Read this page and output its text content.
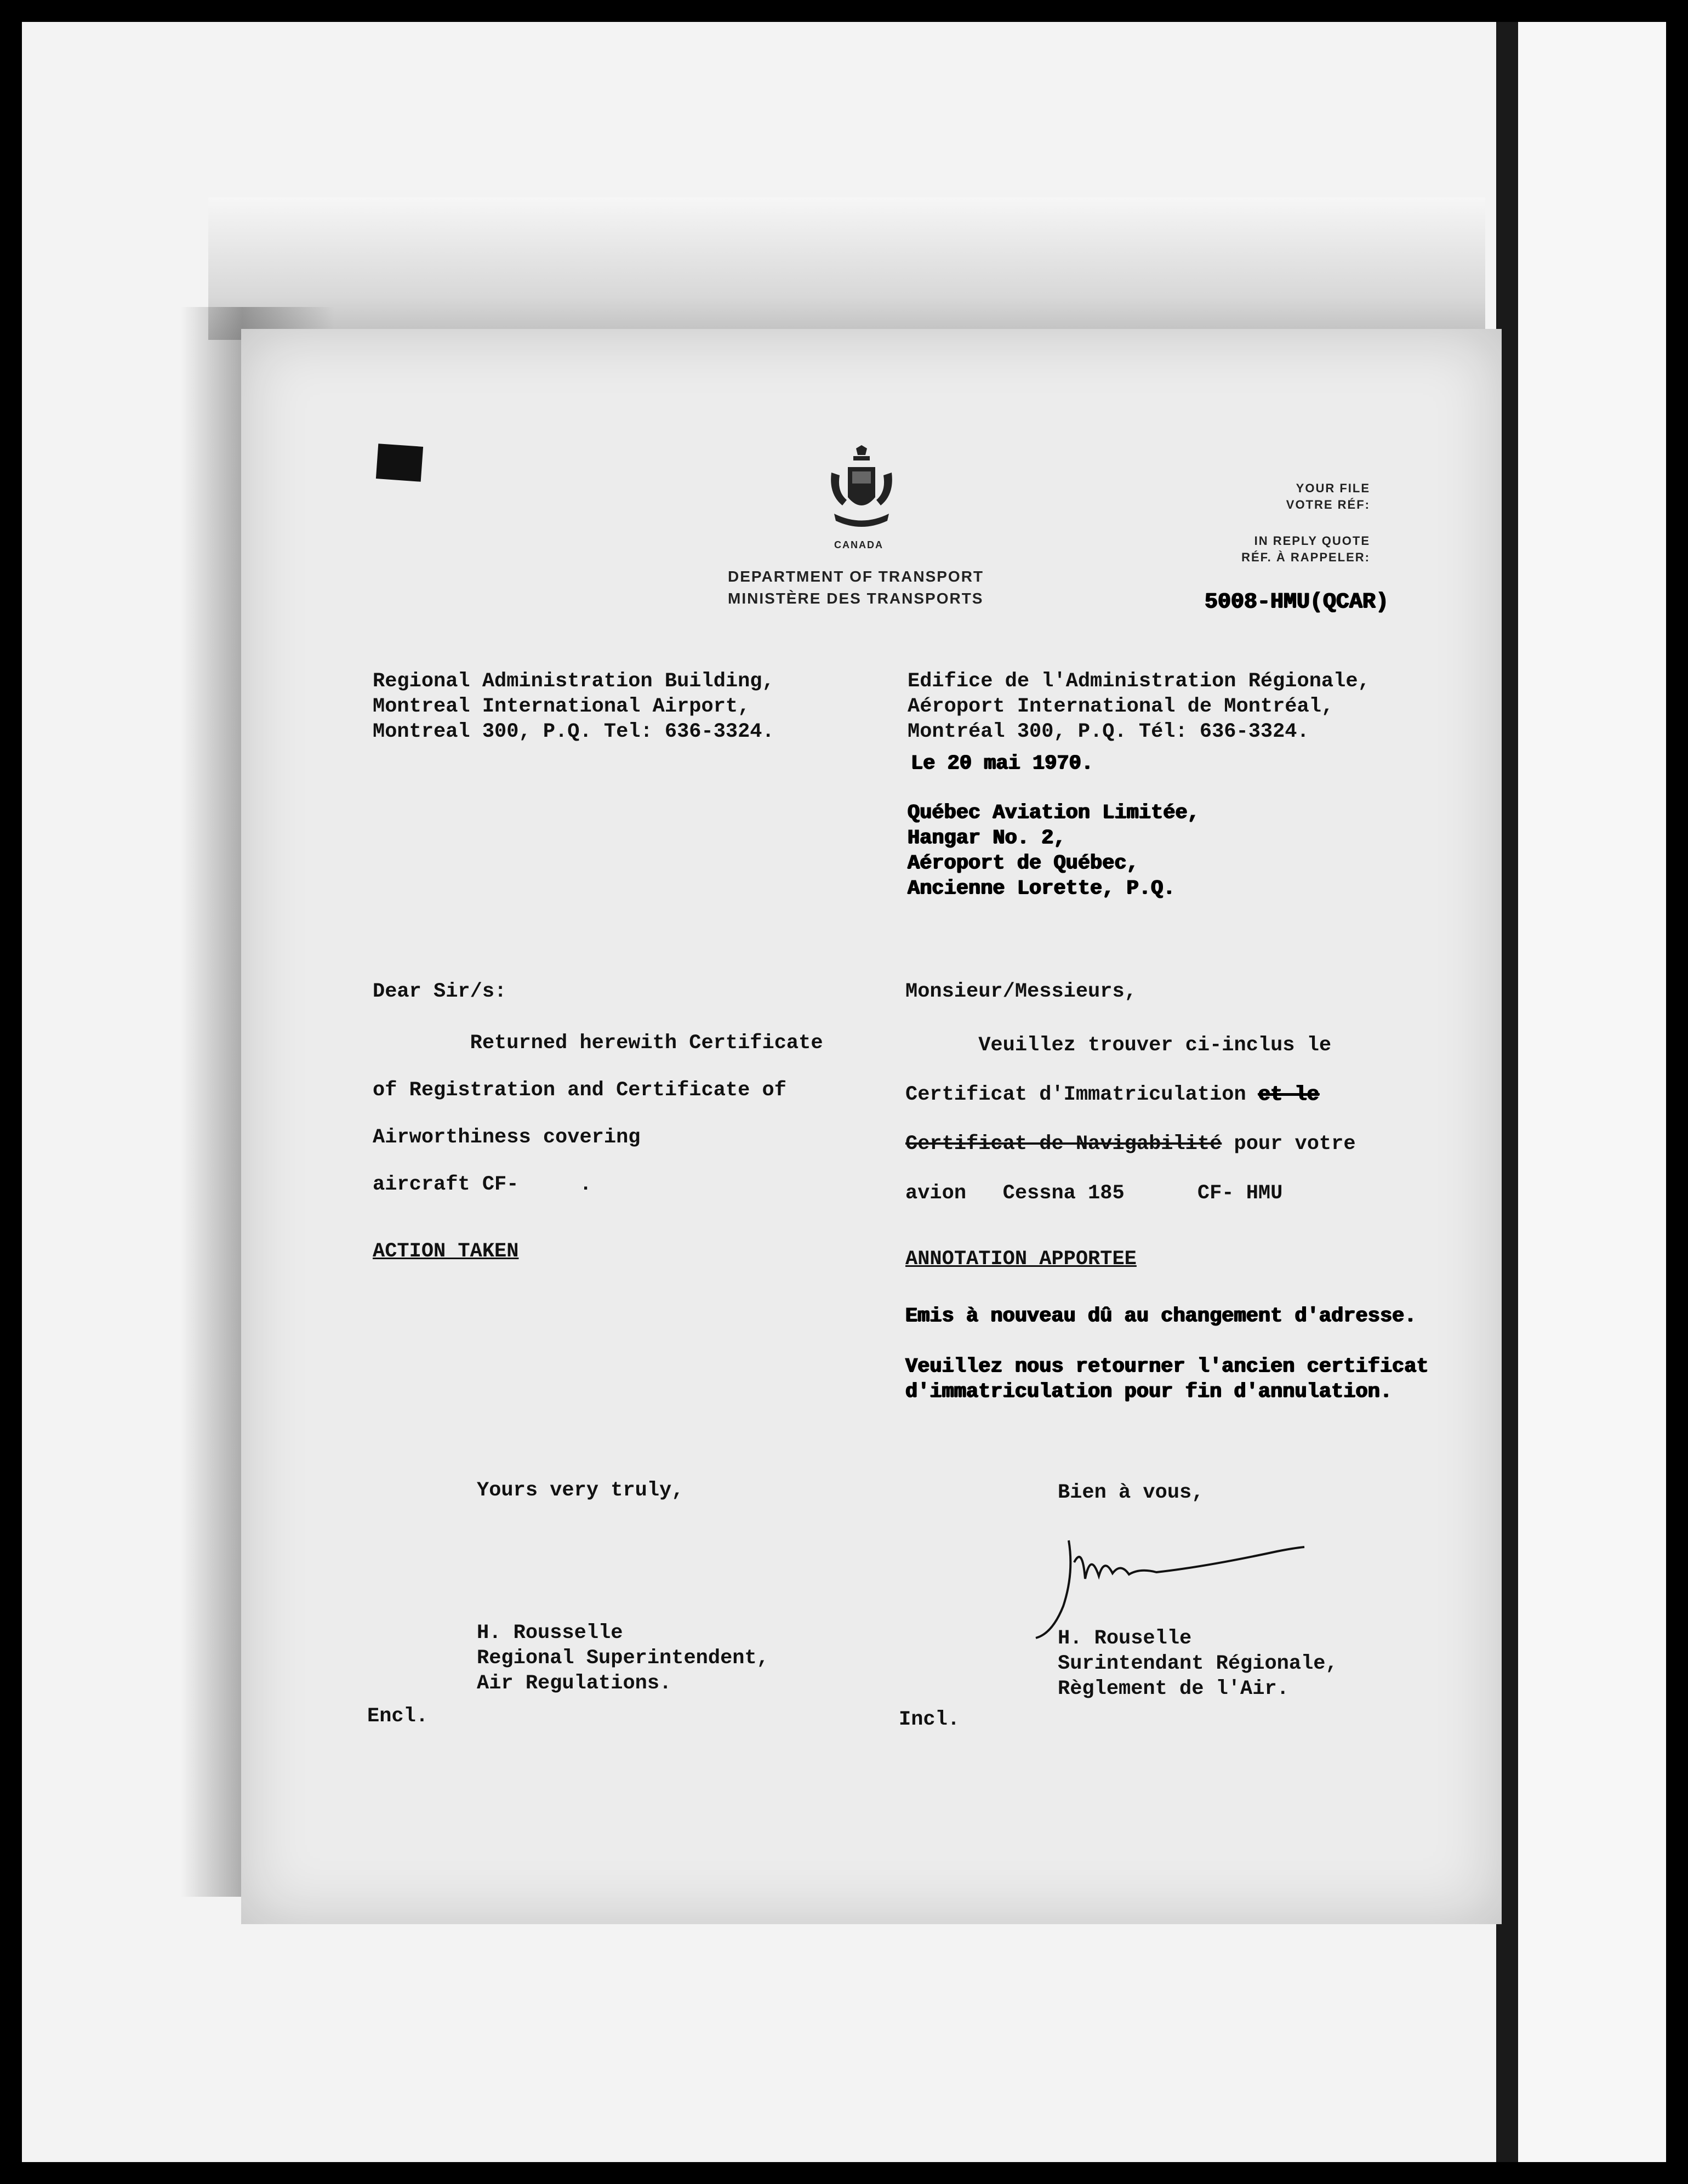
CANADA
DEPARTMENT OF TRANSPORT
MINISTÈRE DES TRANSPORTS
YOUR FILE
VOTRE RÉF:
IN REPLY QUOTE
RÉF. À RAPPELER:
5008-HMU(QCAR)
Regional Administration Building,
Montreal International Airport,
Montreal 300, P.Q. Tel: 636-3324.
Edifice de l'Administration Régionale,
Aéroport International de Montréal,
Montréal 300, P.Q. Tél: 636-3324.
Le 20 mai 1970.
Québec Aviation Limitée,
Hangar No. 2,
Aéroport de Québec,
Ancienne Lorette, P.Q.
Dear Sir/s:	Monsieur/Messieurs,
Returned herewith Certificate
of Registration and Certificate of
Airworthiness covering
aircraft CF-     .
Veuillez trouver ci-inclus le
Certificat d'Immatriculation et le
Certificat de Navigabilité pour votre
avion   Cessna 185      CF- HMU
ACTION TAKEN	ANNOTATION APPORTEE
Emis à nouveau dû au changement d'adresse.
Veuillez nous retourner l'ancien certificat
d'immatriculation pour fin d'annulation.
Yours very truly,	Bien à vous,
H. Rousselle
Regional Superintendent,
Air Regulations.
H. Rouselle
Surintendant Régionale,
Règlement de l'Air.
Encl.	Incl.
